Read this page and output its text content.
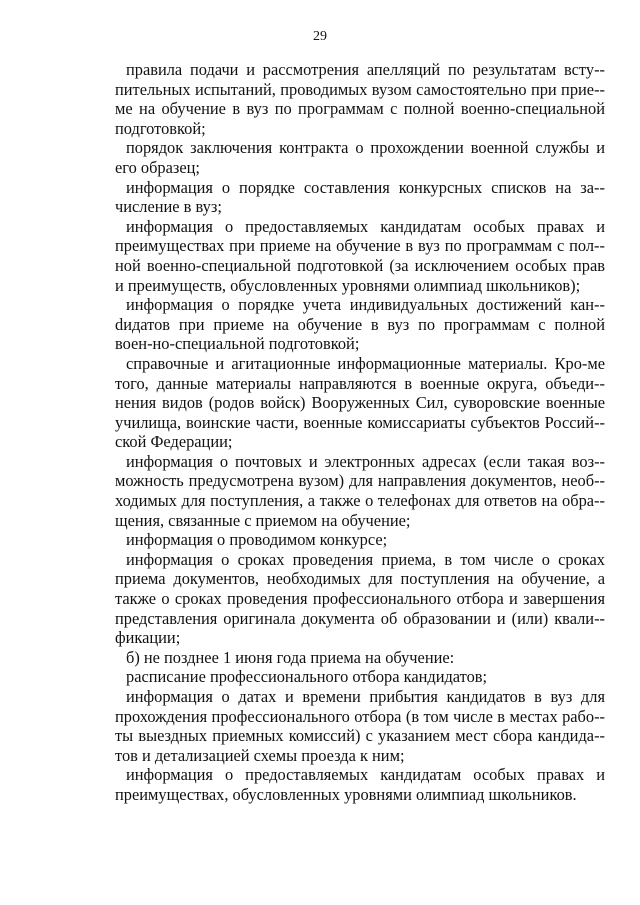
29

правила подачи и рассмотрения апелляций по результатам всту-пительных испытаний, проводимых вузом самостоятельно при прие-ме на обучение в вуз по программам с полной военно-специальной подготовкой;

порядок заключения контракта о прохождении военной службы и его образец;

информация о порядке составления конкурсных списков на за-числение в вуз;

информация о предоставляемых кандидатам особых правах и преимуществах при приеме на обучение в вуз по программам с пол-ной военно-специальной подготовкой (за исключением особых прав и преимуществ, обусловленных уровнями олимпиад школьников);

информация о порядке учета индивидуальных достижений кан-dидатов при приеме на обучение в вуз по программам с полной воен-но-специальной подготовкой;

справочные и агитационные информационные материалы. Кро-ме того, данные материалы направляются в военные округа, объеди-нения видов (родов войск) Вооруженных Сил, суворовские военные училища, воинские части, военные комиссариаты субъектов Россий-ской Федерации;

информация о почтовых и электронных адресах (если такая воз-можность предусмотрена вузом) для направления документов, необ-ходимых для поступления, а также о телефонах для ответов на обра-щения, связанные с приемом на обучение;

информация о проводимом конкурсе;

информация о сроках проведения приема, в том числе о сроках приема документов, необходимых для поступления на обучение, а также о сроках проведения профессионального отбора и завершения представления оригинала документа об образовании и (или) квали-фикации;

б) не позднее 1 июня года приема на обучение:

расписание профессионального отбора кандидатов;

информация о датах и времени прибытия кандидатов в вуз для прохождения профессионального отбора (в том числе в местах рабо-ты выездных приемных комиссий) с указанием мест сбора кандида-тов и детализацией схемы проезда к ним;

информация о предоставляемых кандидатам особых правах и преимуществах, обусловленных уровнями олимпиад школьников.
